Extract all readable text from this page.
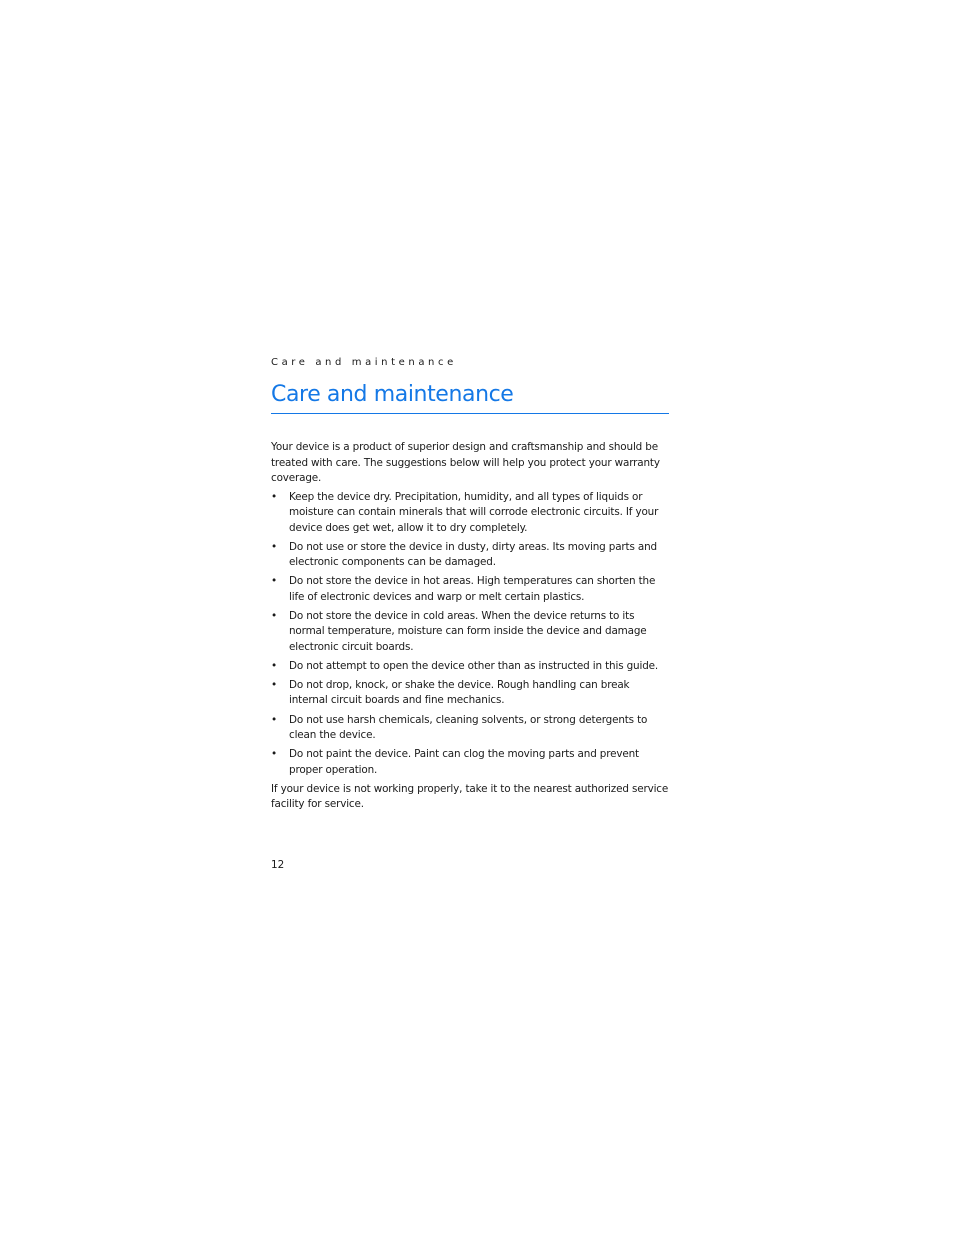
Care and maintenance

Care and maintenance

Your device is a product of superior design and craftsmanship and should be treated with care. The suggestions below will help you protect your warranty coverage.

• Keep the device dry. Precipitation, humidity, and all types of liquids or moisture can contain minerals that will corrode electronic circuits. If your device does get wet, allow it to dry completely.
• Do not use or store the device in dusty, dirty areas. Its moving parts and electronic components can be damaged.
• Do not store the device in hot areas. High temperatures can shorten the life of electronic devices and warp or melt certain plastics.
• Do not store the device in cold areas. When the device returns to its normal temperature, moisture can form inside the device and damage electronic circuit boards.
• Do not attempt to open the device other than as instructed in this guide.
• Do not drop, knock, or shake the device. Rough handling can break internal circuit boards and fine mechanics.
• Do not use harsh chemicals, cleaning solvents, or strong detergents to clean the device.
• Do not paint the device. Paint can clog the moving parts and prevent proper operation.

If your device is not working properly, take it to the nearest authorized service facility for service.

12
